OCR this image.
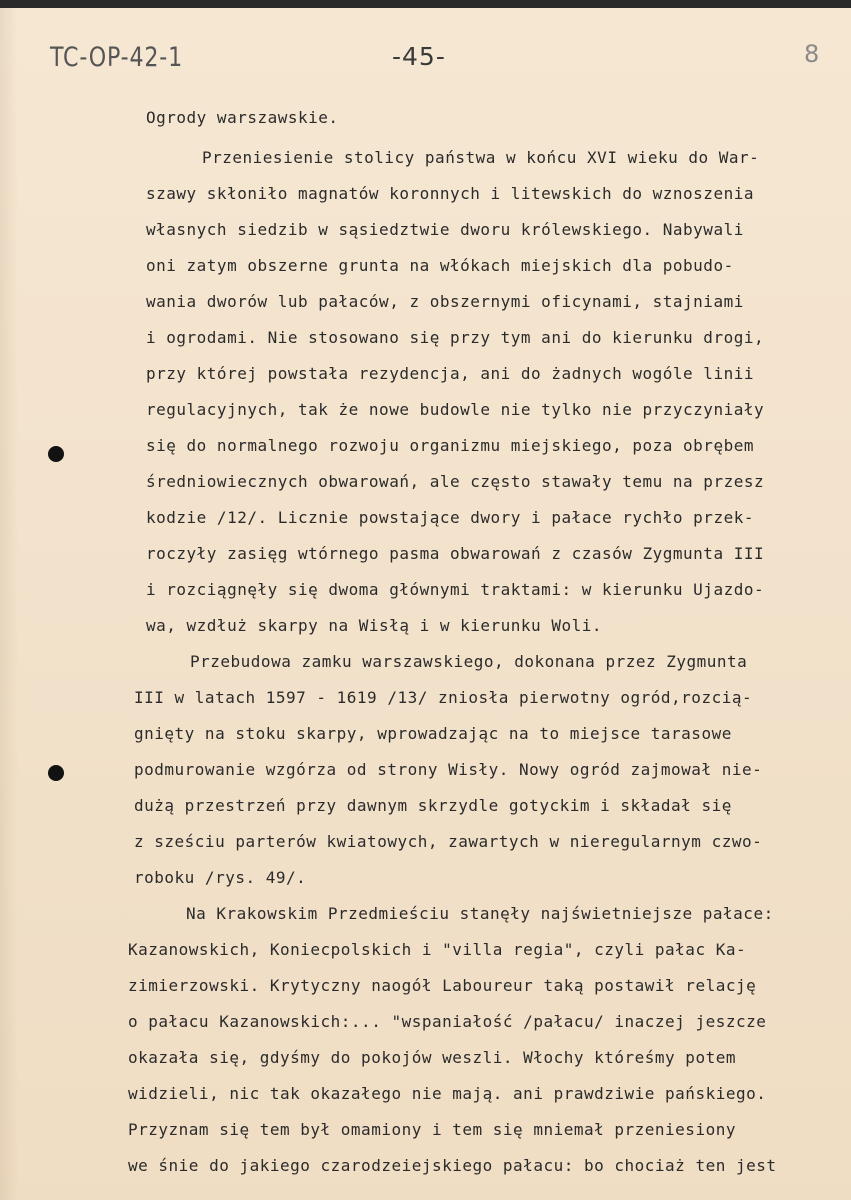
TC-OP-42-1	-45-	8

Ogrody warszawskie.

Przeniesienie stolicy państwa w końcu XVI wieku do War-

szawy skłoniło magnatów koronnych i litewskich do wznoszenia

własnych siedzib w sąsiedztwie dworu królewskiego. Nabywali

oni zatym obszerne grunta na włókach miejskich dla pobudo-

wania dworów lub pałaców, z obszernymi oficynami, stajniami

i ogrodami. Nie stosowano się przy tym ani do kierunku drogi,

przy której powstała rezydencja, ani do żadnych wogóle linii

regulacyjnych, tak że nowe budowle nie tylko nie przyczyniały

się do normalnego rozwoju organizmu miejskiego, poza obrębem

średniowiecznych obwarowań, ale często stawały temu na przesz

kodzie /12/. Licznie powstające dwory i pałace rychło przek-

roczyły zasięg wtórnego pasma obwarowań z czasów Zygmunta III

i rozciągnęły się dwoma głównymi traktami: w kierunku Ujazdo-

wa, wzdłuż skarpy na Wisłą i w kierunku Woli.

Przebudowa zamku warszawskiego, dokonana przez Zygmunta

III w latach 1597 - 1619 /13/ zniosła pierwotny ogród,rozcią-

gnięty na stoku skarpy, wprowadzając na to miejsce tarasowe

podmurowanie wzgórza od strony Wisły. Nowy ogród zajmował nie-

dużą przestrzeń przy dawnym skrzydle gotyckim i składał się

z sześciu parterów kwiatowych, zawartych w nieregularnym czwo-

roboku /rys. 49/.

Na Krakowskim Przedmieściu stanęły najświetniejsze pałace:

Kazanowskich, Koniecpolskich i "villa regia", czyli pałac Ka-

zimierzowski. Krytyczny naogół Laboureur taką postawił relację

o pałacu Kazanowskich:... "wspaniałość /pałacu/ inaczej jeszcze

okazała się, gdyśmy do pokojów weszli. Włochy któreśmy potem

widzieli, nic tak okazałego nie mają. ani prawdziwie pańskiego.

Przyznam się tem był omamiony i tem się mniemał przeniesiony

we śnie do jakiego czarodzeiejskiego pałacu: bo chociaż ten jest
